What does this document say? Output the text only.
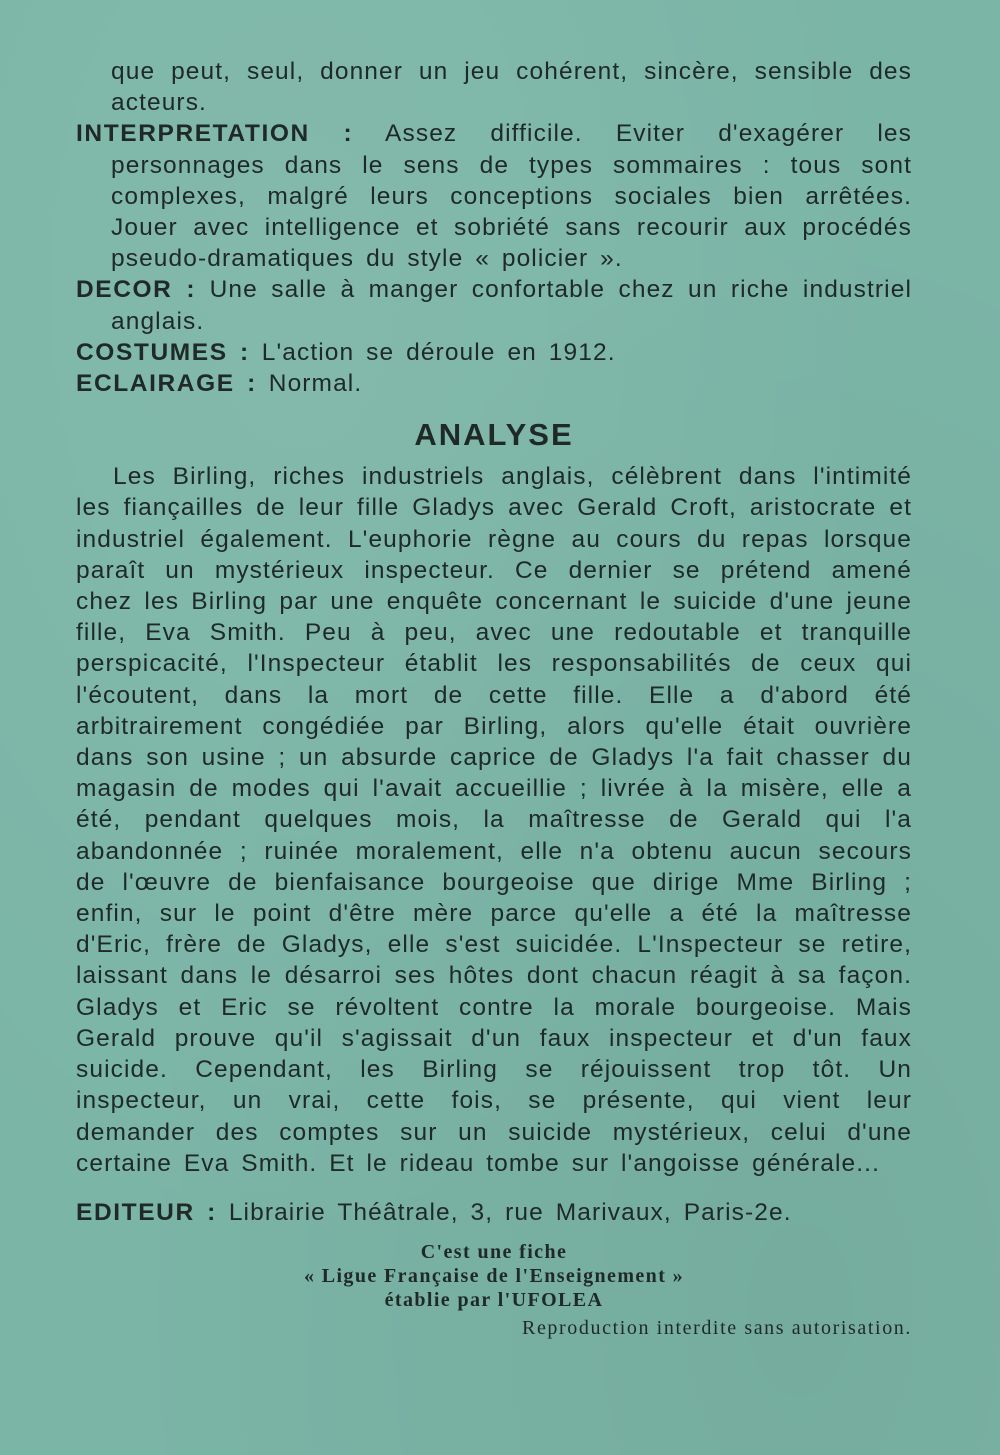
que peut, seul, donner un jeu cohérent, sincère, sensible des acteurs.

INTERPRETATION : Assez difficile. Eviter d'exagérer les personnages dans le sens de types sommaires : tous sont complexes, malgré leurs conceptions sociales bien arrêtées. Jouer avec intelligence et sobriété sans recourir aux procédés pseudo-dramatiques du style « policier ».

DECOR : Une salle à manger confortable chez un riche industriel anglais.

COSTUMES : L'action se déroule en 1912.

ECLAIRAGE : Normal.

ANALYSE

Les Birling, riches industriels anglais, célèbrent dans l'intimité les fiançailles de leur fille Gladys avec Gerald Croft, aristocrate et industriel également. L'euphorie règne au cours du repas lorsque paraît un mystérieux inspecteur. Ce dernier se prétend amené chez les Birling par une enquête concernant le suicide d'une jeune fille, Eva Smith. Peu à peu, avec une redoutable et tranquille perspicacité, l'Inspecteur établit les responsabilités de ceux qui l'écoutent, dans la mort de cette fille. Elle a d'abord été arbitrairement congédiée par Birling, alors qu'elle était ouvrière dans son usine ; un absurde caprice de Gladys l'a fait chasser du magasin de modes qui l'avait accueillie ; livrée à la misère, elle a été, pendant quelques mois, la maîtresse de Gerald qui l'a abandonnée ; ruinée moralement, elle n'a obtenu aucun secours de l'œuvre de bienfaisance bourgeoise que dirige Mme Birling ; enfin, sur le point d'être mère parce qu'elle a été la maîtresse d'Eric, frère de Gladys, elle s'est suicidée. L'Inspecteur se retire, laissant dans le désarroi ses hôtes dont chacun réagit à sa façon. Gladys et Eric se révoltent contre la morale bourgeoise. Mais Gerald prouve qu'il s'agissait d'un faux inspecteur et d'un faux suicide. Cependant, les Birling se réjouissent trop tôt. Un inspecteur, un vrai, cette fois, se présente, qui vient leur demander des comptes sur un suicide mystérieux, celui d'une certaine Eva Smith. Et le rideau tombe sur l'angoisse générale...

EDITEUR : Librairie Théâtrale, 3, rue Marivaux, Paris-2e.

C'est une fiche
« Ligue Française de l'Enseignement »
établie par l'UFOLEA
Reproduction interdite sans autorisation.
